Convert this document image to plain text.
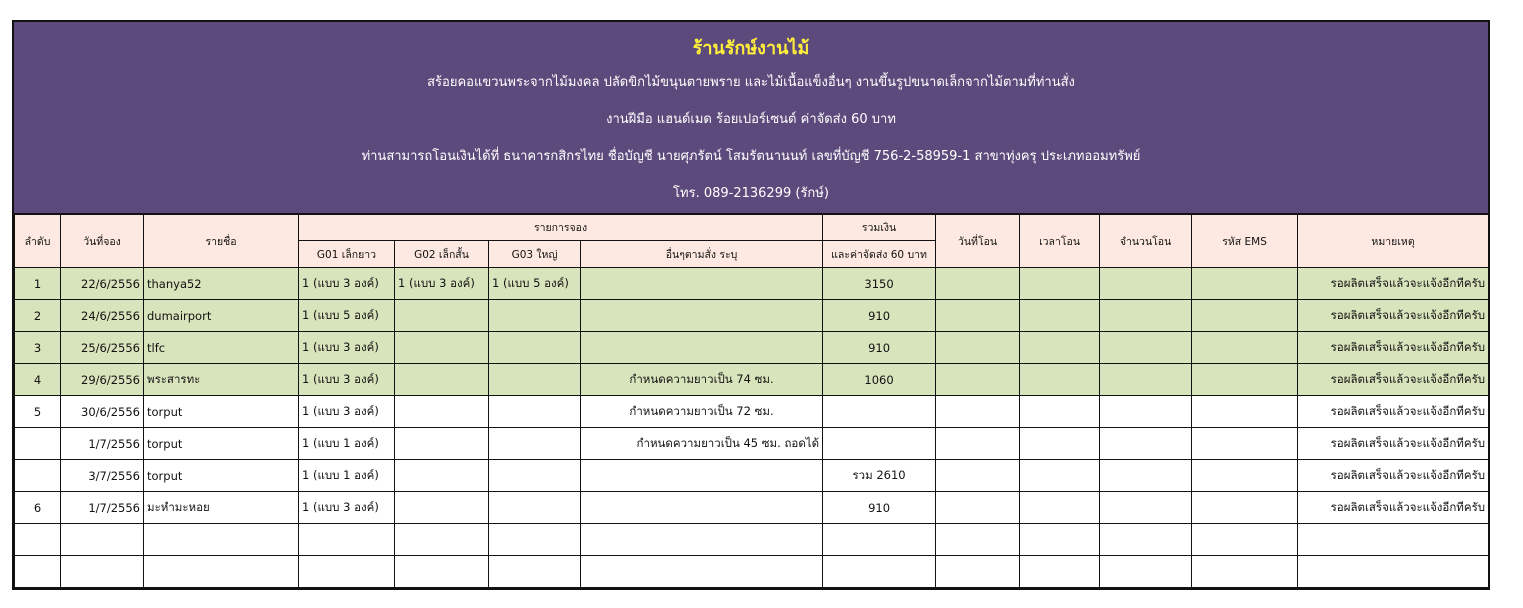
ร้านรักษ์งานไม้
สร้อยคอแขวนพระจากไม้มงคล ปลัดขิกไม้ขนุนตายพราย และไม้เนื้อแข็งอื่นๆ งานขึ้นรูปขนาดเล็กจากไม้ตามที่ท่านสั่ง
งานฝีมือ แฮนด์เมด ร้อยเปอร์เซนต์ ค่าจัดส่ง 60 บาท
ท่านสามารถโอนเงินได้ที่ ธนาคารกสิกรไทย ชื่อบัญชี นายศุภรัตน์ โสมรัตนานนท์ เลขที่บัญชี 756-2-58959-1 สาขาทุ่งครุ ประเภทออมทรัพย์
โทร. 089-2136299 (รักษ์)
ลำดับ	วันที่จอง	รายชื่อ	รายการจอง				รวมเงิน	วันที่โอน	เวลาโอน	จำนวนโอน	รหัส EMS	หมายเหตุ
			G01 เล็กยาว	G02 เล็กสั้น	G03 ใหญ่	อื่นๆตามสั่ง ระบุ	และค่าจัดส่ง 60 บาท					
1	22/6/2556	thanya52	1 (แบบ 3 องค์)	1 (แบบ 3 องค์)	1 (แบบ 5 องค์)		3150					รอผลิตเสร็จแล้วจะแจ้งอีกทีครับ
2	24/6/2556	dumairport	1 (แบบ 5 องค์)				910					รอผลิตเสร็จแล้วจะแจ้งอีกทีครับ
3	25/6/2556	tlfc	1 (แบบ 3 องค์)				910					รอผลิตเสร็จแล้วจะแจ้งอีกทีครับ
4	29/6/2556	พระสารทะ	1 (แบบ 3 องค์)			กำหนดความยาวเป็น 74 ซม.	1060					รอผลิตเสร็จแล้วจะแจ้งอีกทีครับ
5	30/6/2556	torput	1 (แบบ 3 องค์)			กำหนดความยาวเป็น 72 ซม.						รอผลิตเสร็จแล้วจะแจ้งอีกทีครับ
	1/7/2556	torput	1 (แบบ 1 องค์)			กำหนดความยาวเป็น 45 ซม. ถอดได้						รอผลิตเสร็จแล้วจะแจ้งอีกทีครับ
	3/7/2556	torput	1 (แบบ 1 องค์)				รวม 2610					รอผลิตเสร็จแล้วจะแจ้งอีกทีครับ
6	1/7/2556	มะหำมะหอย	1 (แบบ 3 องค์)				910					รอผลิตเสร็จแล้วจะแจ้งอีกทีครับ
